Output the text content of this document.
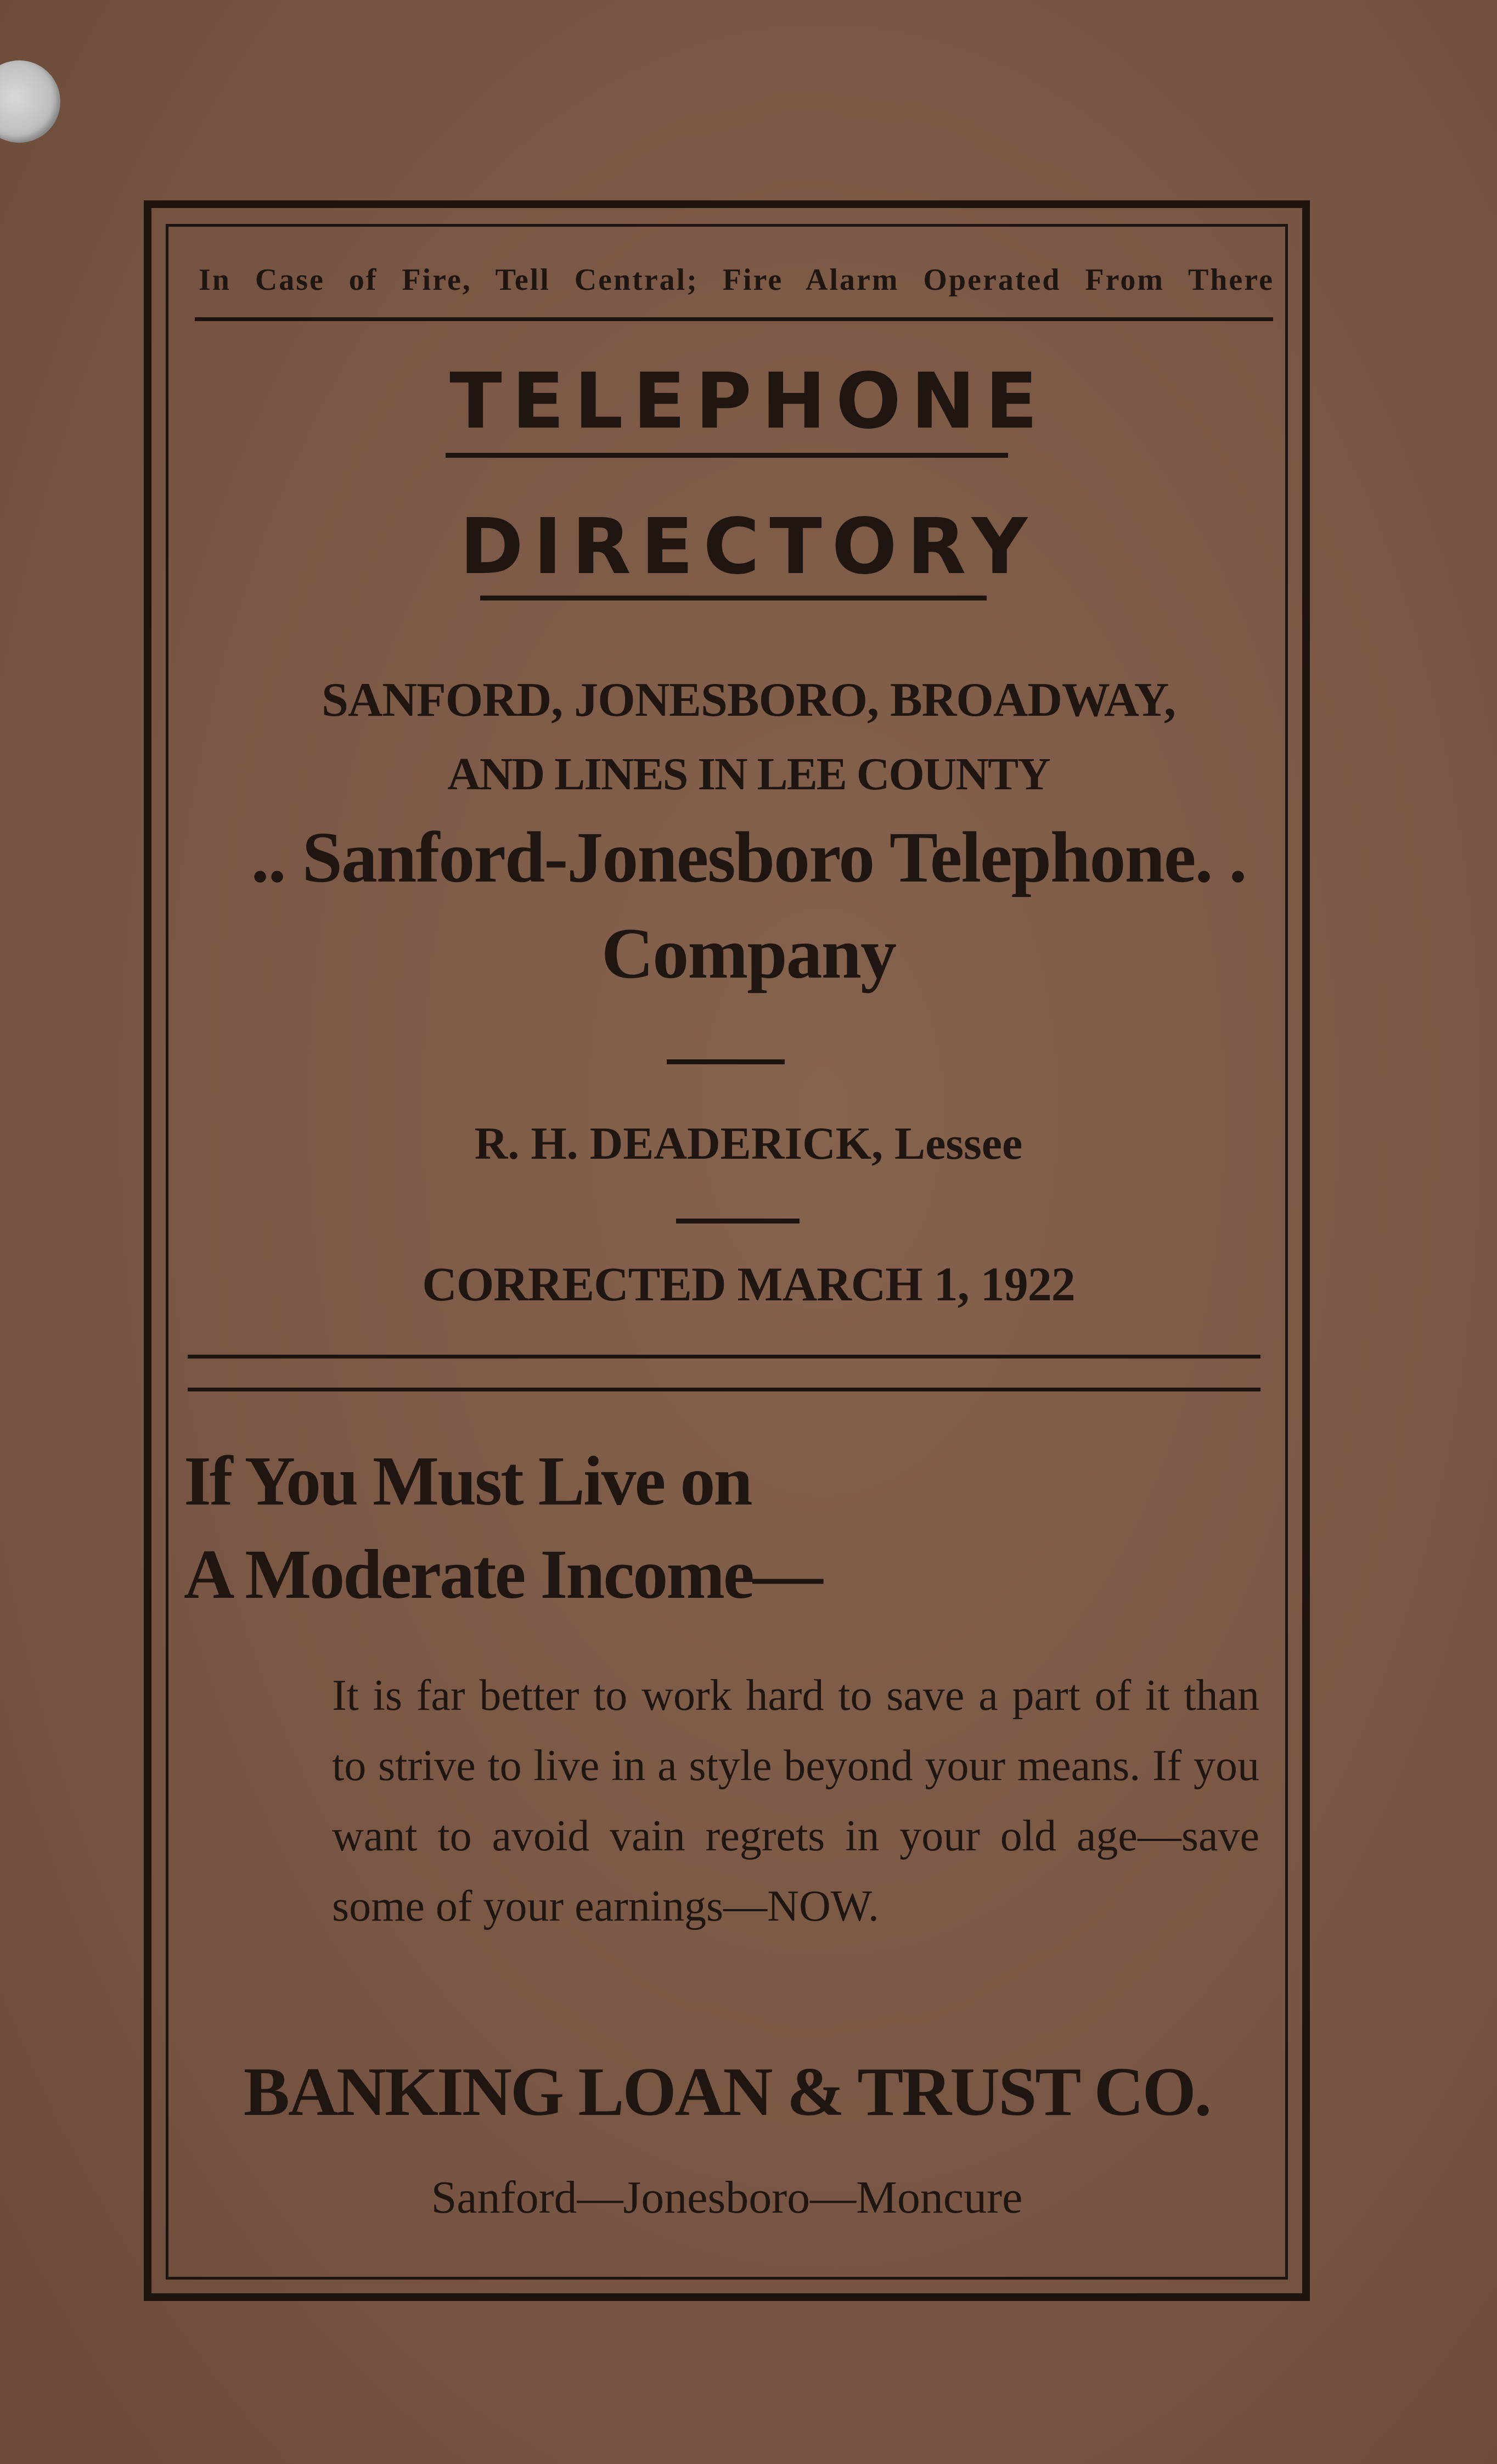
In Case of Fire, Tell Central; Fire Alarm Operated From There

TELEPHONE

DIRECTORY

SANFORD, JONESBORO, BROADWAY,

AND LINES IN LEE COUNTY

.. Sanford-Jonesboro Telephone. .

Company

R. H. DEADERICK, Lessee

CORRECTED MARCH 1, 1922

If You Must Live on

A Moderate Income—

It is far better to work hard to save a part of it than to strive to live in a style beyond your means. If you want to avoid vain regrets in your old age—save some of your earnings—NOW.

BANKING LOAN & TRUST CO.

Sanford—Jonesboro—Moncure
